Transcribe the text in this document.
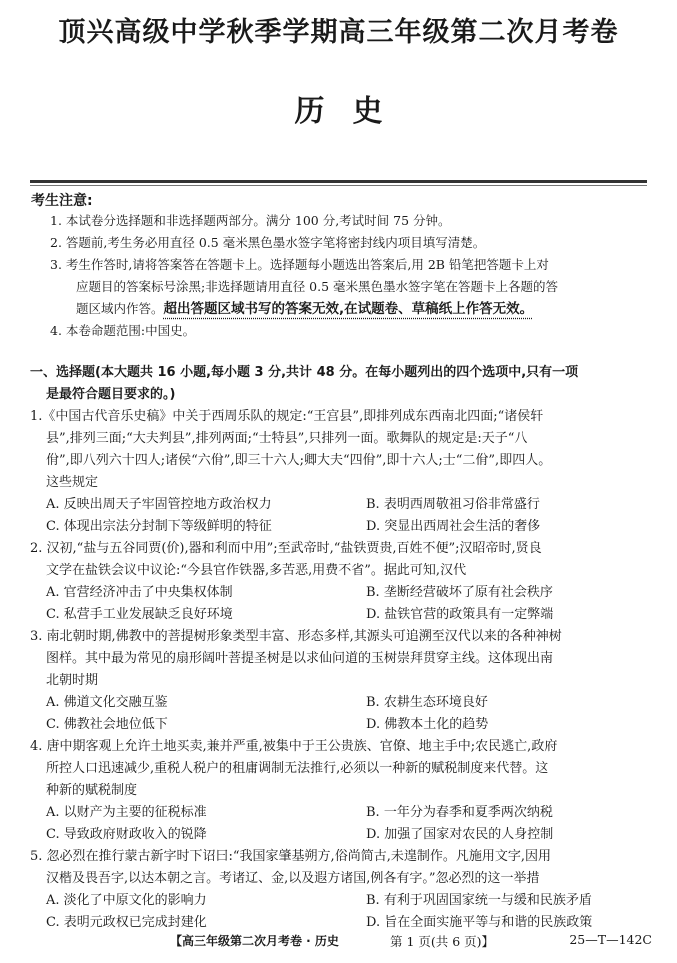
顶兴高级中学秋季学期高三年级第二次月考卷
历史
考生注意:

1. 本试卷分选择题和非选择题两部分。满分 100 分,考试时间 75 分钟。

2. 答题前,考生务必用直径 0.5 毫米黑色墨水签字笔将密封线内项目填写清楚。

3. 考生作答时,请将答案答在答题卡上。选择题每小题选出答案后,用 2B 铅笔把答题卡上对

应题目的答案标号涂黑;非选择题请用直径 0.5 毫米黑色墨水签字笔在答题卡上各题的答

题区域内作答。超出答题区域书写的答案无效,在试题卷、草稿纸上作答无效。

4. 本卷命题范围:中国史。

一、选择题(本大题共 16 小题,每小题 3 分,共计 48 分。在每小题列出的四个选项中,只有一项
是最符合题目要求的。)

1.《中国古代音乐史稿》中关于西周乐队的规定:“王宫县”,即排列成东西南北四面;“诸侯轩
县”,排列三面;“大夫判县”,排列两面;“士特县”,只排列一面。歌舞队的规定是:天子“八
佾”,即八列六十四人;诸侯“六佾”,即三十六人;卿大夫“四佾”,即十六人;士“二佾”,即四人。
这些规定

A. 反映出周天子牢固管控地方政治权力	B. 表明西周敬祖习俗非常盛行
C. 体现出宗法分封制下等级鲜明的特征	D. 突显出西周社会生活的奢侈

2. 汉初,“盐与五谷同贾(价),器和利而中用”;至武帝时,“盐铁贾贵,百姓不便”;汉昭帝时,贤良
文学在盐铁会议中议论:“今县官作铁器,多苦恶,用费不省”。据此可知,汉代

A. 官营经济冲击了中央集权体制	B. 垄断经营破坏了原有社会秩序
C. 私营手工业发展缺乏良好环境	D. 盐铁官营的政策具有一定弊端

3. 南北朝时期,佛教中的菩提树形象类型丰富、形态多样,其源头可追溯至汉代以来的各种神树
图样。其中最为常见的扇形阔叶菩提圣树是以求仙问道的玉树崇拜贯穿主线。这体现出南
北朝时期

A. 佛道文化交融互鉴	B. 农耕生态环境良好
C. 佛教社会地位低下	D. 佛教本土化的趋势

4. 唐中期客观上允许土地买卖,兼并严重,被集中于王公贵族、官僚、地主手中;农民逃亡,政府
所控人口迅速减少,重税人税户的租庸调制无法推行,必须以一种新的赋税制度来代替。这
种新的赋税制度

A. 以财产为主要的征税标准	B. 一年分为春季和夏季两次纳税
C. 导致政府财政收入的锐降	D. 加强了国家对农民的人身控制

5. 忽必烈在推行蒙古新字时下诏曰:“我国家肇基朔方,俗尚简古,未遑制作。凡施用文字,因用
汉楷及畏吾字,以达本朝之言。考诸辽、金,以及遐方诸国,例各有字。”忽必烈的这一举措

A. 淡化了中原文化的影响力	B. 有利于巩固国家统一与缓和民族矛盾
C. 表明元政权已完成封建化	D. 旨在全面实施平等与和谐的民族政策
【高三年级第二次月考卷 · 历史	第 1 页(共 6 页)】	25—T—142C
